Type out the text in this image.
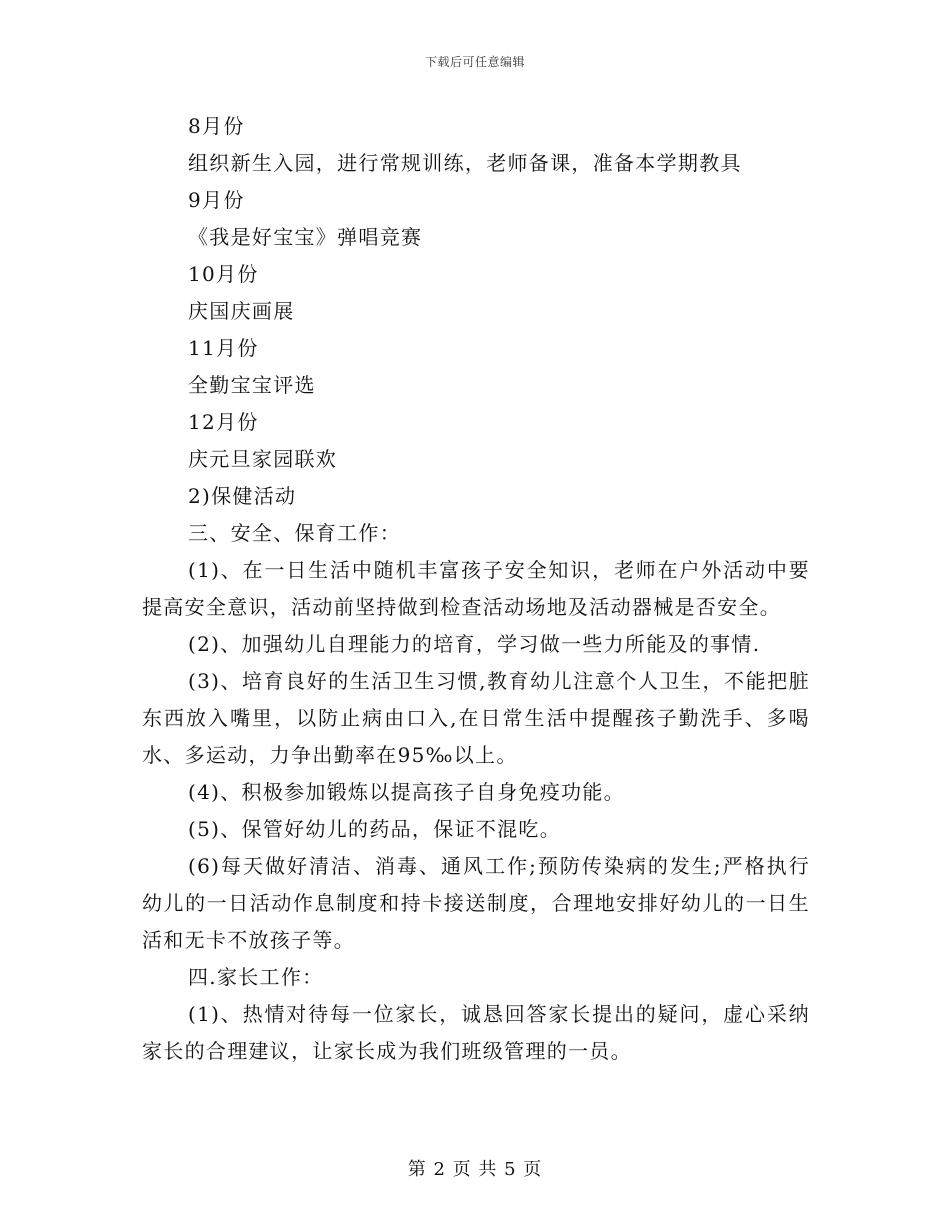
下载后可任意编辑

8月份

组织新生入园，进行常规训练，老师备课，准备本学期教具

9月份

《我是好宝宝》弹唱竞赛

10月份

庆国庆画展

11月份

全勤宝宝评选

12月份

庆元旦家园联欢

2)保健活动

三、安全、保育工作：

(1)、在一日生活中随机丰富孩子安全知识，老师在户外活动中要提高安全意识，活动前坚持做到检查活动场地及活动器械是否安全。

(2)、加强幼儿自理能力的培育，学习做一些力所能及的事情.

(3)、培育良好的生活卫生习惯,教育幼儿注意个人卫生，不能把脏东西放入嘴里，以防止病由口入,在日常生活中提醒孩子勤洗手、多喝水、多运动，力争出勤率在95‰以上。

(4)、积极参加锻炼以提高孩子自身免疫功能。

(5)、保管好幼儿的药品，保证不混吃。

(6)每天做好清洁、消毒、通风工作;预防传染病的发生;严格执行幼儿的一日活动作息制度和持卡接送制度，合理地安排好幼儿的一日生活和无卡不放孩子等。

四.家长工作：

(1)、热情对待每一位家长，诚恳回答家长提出的疑问，虚心采纳家长的合理建议，让家长成为我们班级管理的一员。

第 2 页 共 5 页
